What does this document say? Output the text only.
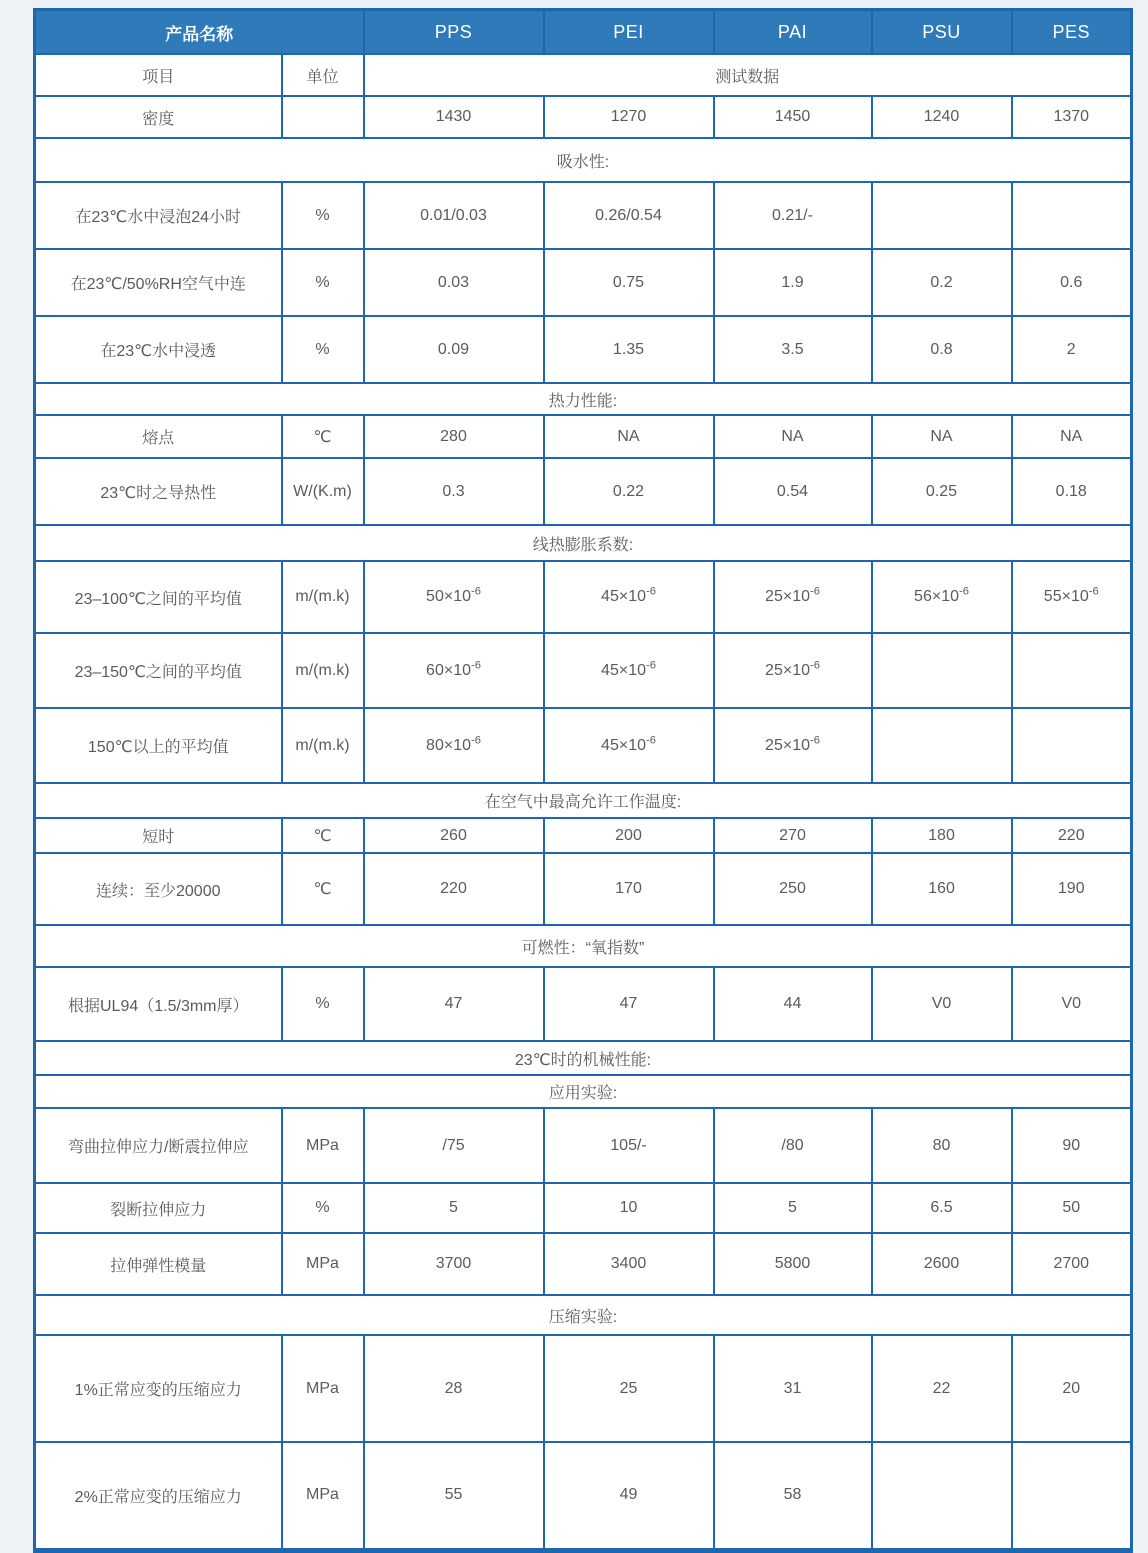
产品名称		PPS	PEI	PAI	PSU	PES
项目	单位	测试数据				
密度		1430	1270	1450	1240	1370
吸水性:						
在23℃水中浸泡24小时	%	0.01/0.03	0.26/0.54	0.21/-		
在23℃/50%RH空气中连	%	0.03	0.75	1.9	0.2	0.6
在23℃水中浸透	%	0.09	1.35	3.5	0.8	2
热力性能:						
熔点	℃	280	NA	NA	NA	NA
23℃时之导热性	W/(K.m)	0.3	0.22	0.54	0.25	0.18
线热膨胀系数:						
23–100℃之间的平均值	m/(m.k)	$50\times 10^{-6}$	$45\times 10^{-6}$	$25\times 10^{-6}$	$56\times 10^{-6}$	$55\times 10^{-6}$
23–150℃之间的平均值	m/(m.k)	$60\times 10^{-6}$	$45\times 10^{-6}$	$25\times 10^{-6}$		
150℃以上的平均值	m/(m.k)	$80\times 10^{-6}$	$45\times 10^{-6}$	$25\times 10^{-6}$		
在空气中最高允许工作温度:						
短时	℃	260	200	270	180	220
连续：至少20000	℃	220	170	250	160	190
可燃性：“氧指数”						
根据UL94（1.5/3mm厚）	%	47	47	44	V0	V0
23℃时的机械性能:						
应用实验:						
弯曲拉伸应力/断震拉伸应	MPa	/75	105/-	/80	80	90
裂断拉伸应力	%	5	10	5	6.5	50
拉伸弹性模量	MPa	3700	3400	5800	2600	2700
压缩实验:						
1%正常应变的压缩应力	MPa	28	25	31	22	20
2%正常应变的压缩应力	MPa	55	49	58		
